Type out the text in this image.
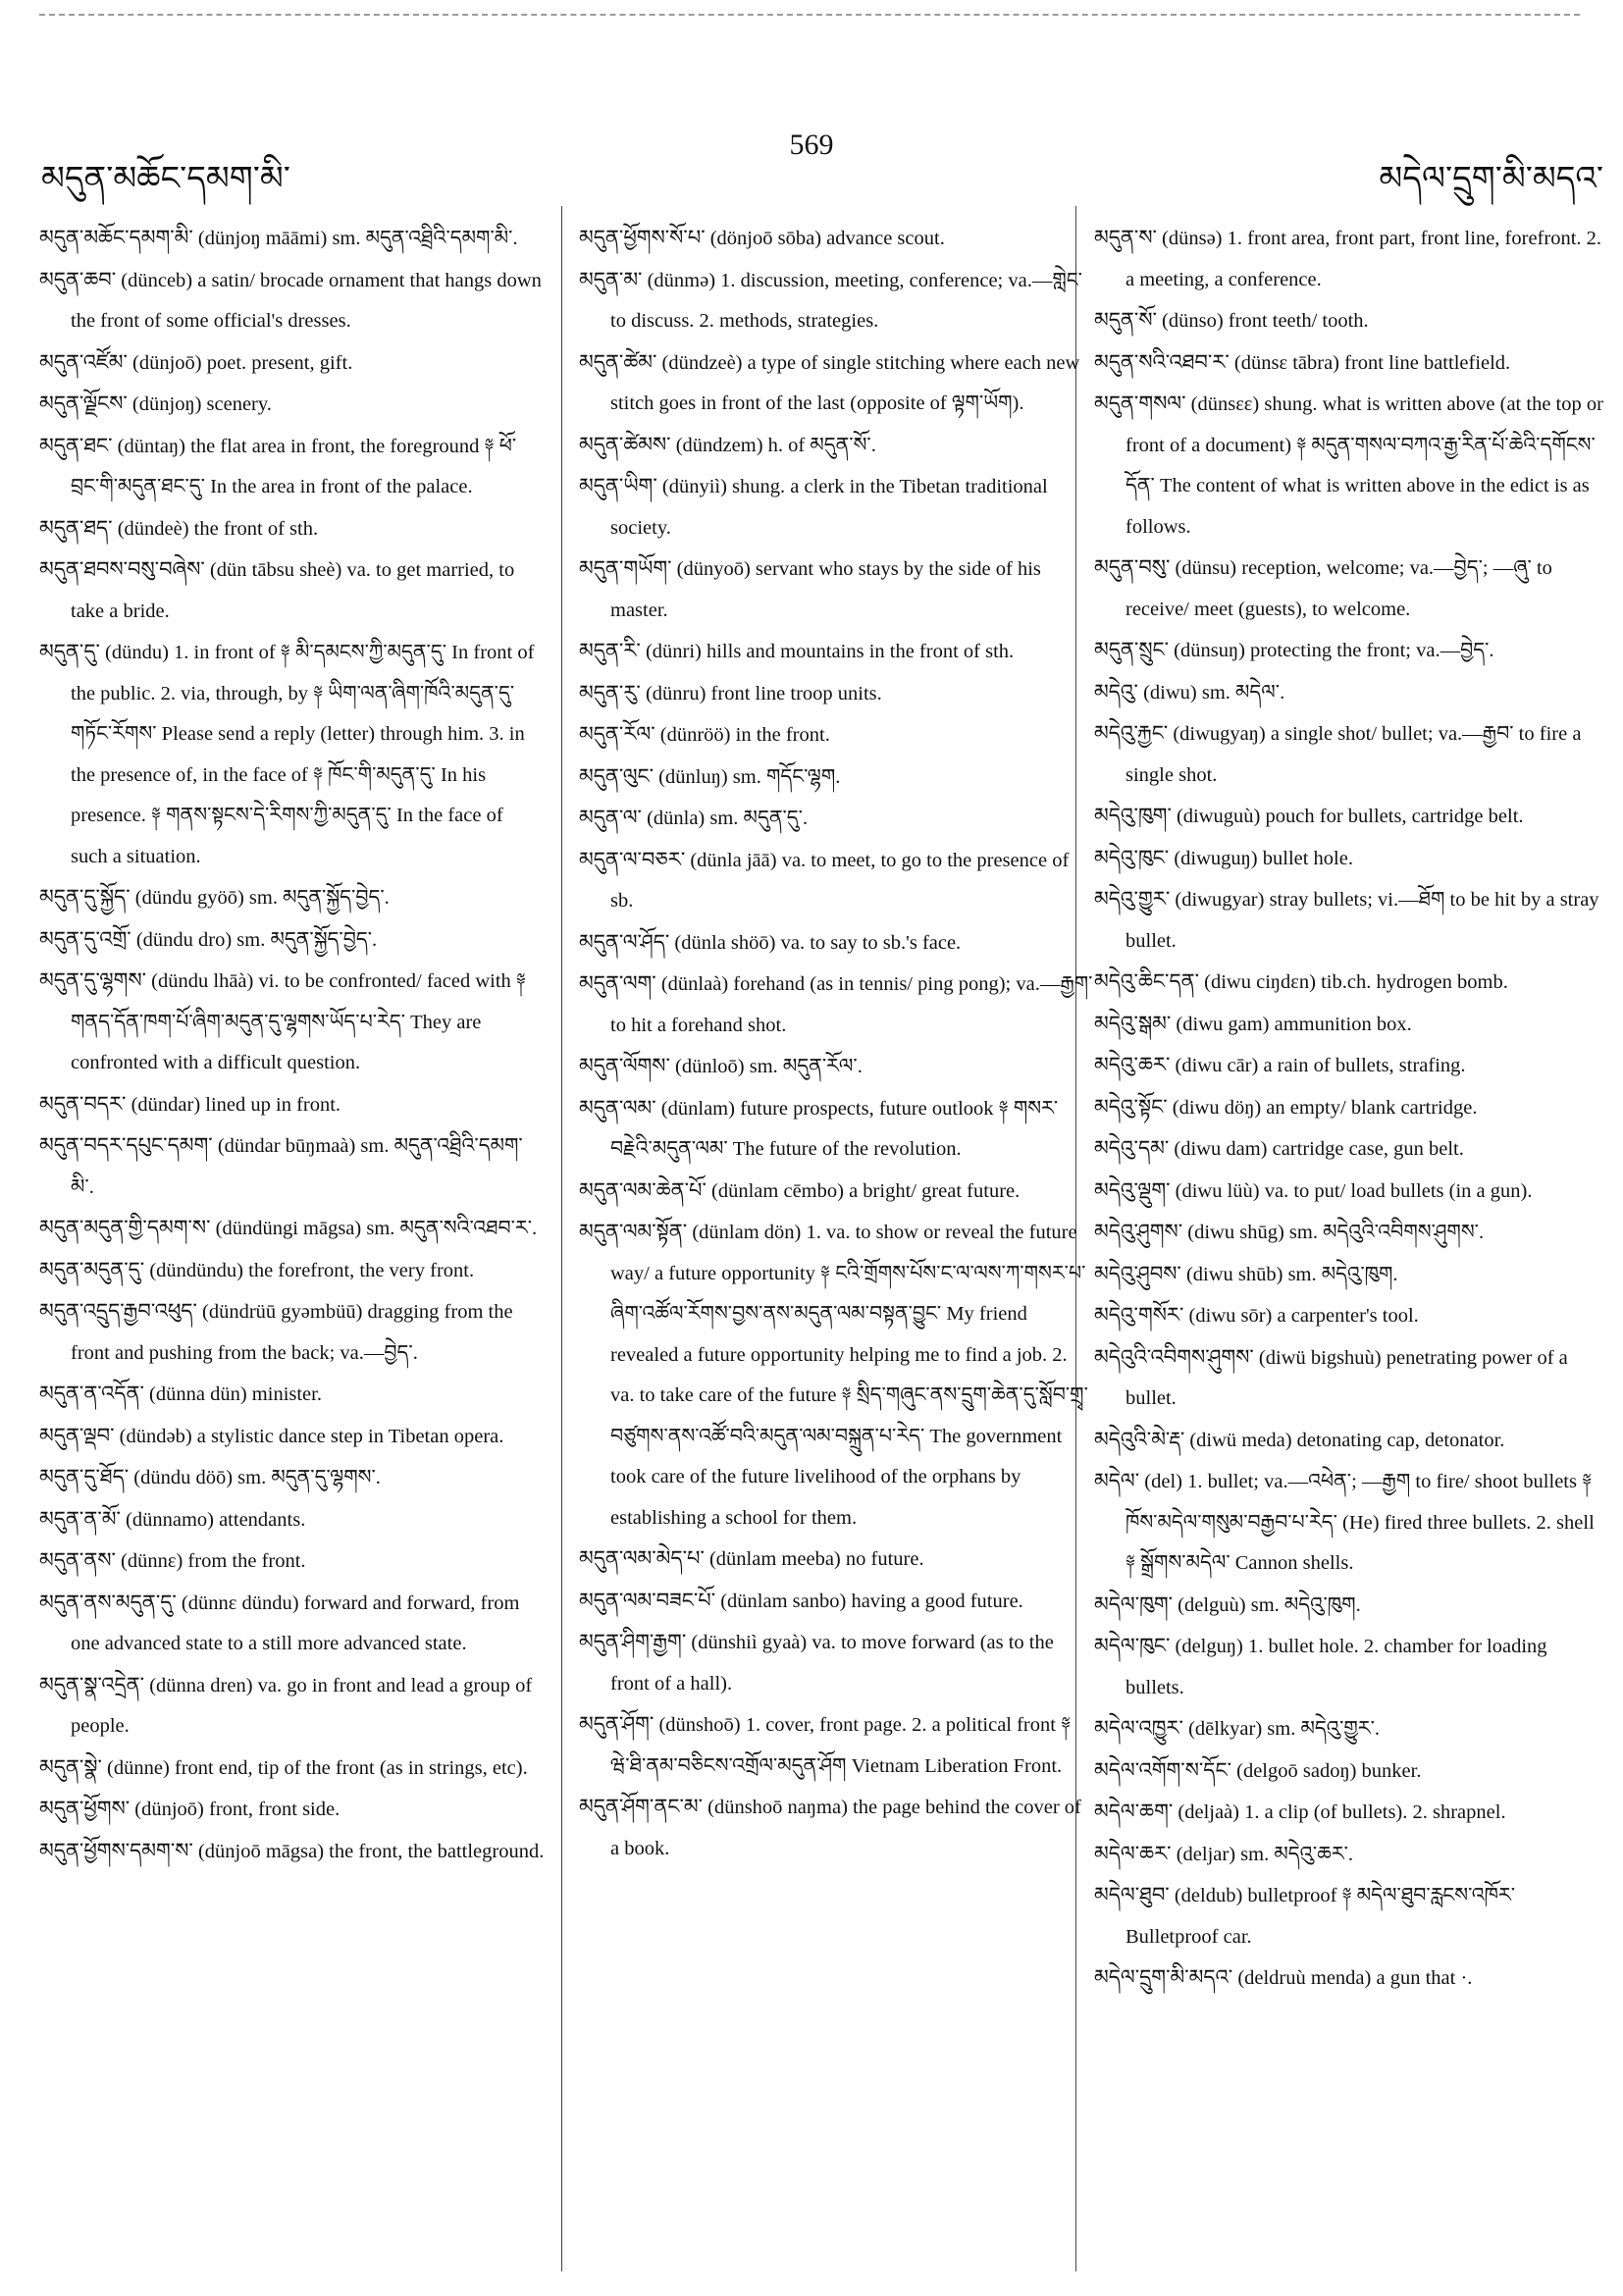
མདུན་མཆོང་དམག་མི་
569
མདེལ་དྲུག་མི་མདའ་

མདུན་མཆོང་དམག་མི་ (dünjoŋ māāmi) sm. མདུན་འཐྲིའི་དམག་མི་.

མདུན་ཆབ་ (dünceb) a satin/ brocade ornament that hangs down the front of some official's dresses.

མདུན་འཛོམ་ (dünjoō) poet. present, gift.

མདུན་ལྗོངས་ (dünjoŋ) scenery.

མདུན་ཐང་ (düntaŋ) the flat area in front, the foreground ༈ ཕོ་བྲང་གི་མདུན་ཐང་དུ་ In the area in front of the palace.

མདུན་ཐད་ (dündeè) the front of sth.

མདུན་ཐབས་བསུ་བཞེས་ (dün tābsu sheè) va. to get married, to take a bride.

མདུན་དུ་ (dündu) 1. in front of ༈ མི་དམངས་ཀྱི་མདུན་དུ་ In front of the public. 2. via, through, by ༈ ཡིག་ལན་ཞིག་ཁོའི་མདུན་དུ་གཏོང་རོགས་ Please send a reply (letter) through him. 3. in the presence of, in the face of ༈ ཁོང་གི་མདུན་དུ་ In his presence. ༈ གནས་སྟངས་དེ་རིགས་ཀྱི་མདུན་དུ་ In the face of such a situation.

མདུན་དུ་སྐྱོད་ (dündu gyöō) sm. མདུན་སྐྱོད་བྱེད་.

མདུན་དུ་འགྲོ་ (dündu dro) sm. མདུན་སྐྱོད་བྱེད་.

མདུན་དུ་ལྷགས་ (dündu lhāà) vi. to be confronted/ faced with ༈ གནད་དོན་ཁག་པོ་ཞིག་མདུན་དུ་ལྷགས་ཡོད་པ་རེད་ They are confronted with a difficult question.

མདུན་བདར་ (dündar) lined up in front.

མདུན་བདར་དཔུང་དམག་ (dündar būŋmaà) sm. མདུན་འཐྲིའི་དམག་མི་.

མདུན་མདུན་གྱི་དམག་ས་ (dündüngi māgsa) sm. མདུན་སའི་འཐབ་ར་.

མདུན་མདུན་དུ་ (dündündu) the forefront, the very front.

མདུན་འདྲུད་རྒྱབ་འཕུད་ (dündrüū gyəmbüū) dragging from the front and pushing from the back; va.—བྱེད་.

མདུན་ན་འདོན་ (dünna dün) minister.

མདུན་ལྡབ་ (dündəb) a stylistic dance step in Tibetan opera.

མདུན་དུ་ཐོད་ (dündu döō) sm. མདུན་དུ་ལྷགས་.

མདུན་ན་མོ་ (dünnamo) attendants.

མདུན་ནས་ (dünnɛ) from the front.

མདུན་ནས་མདུན་དུ་ (dünnɛ dündu) forward and forward, from one advanced state to a still more advanced state.

མདུན་སྣ་འདྲེན་ (dünna dren) va. go in front and lead a group of people.

མདུན་སྣེ་ (dünne) front end, tip of the front (as in strings, etc).

མདུན་ཕྱོགས་ (dünjoō) front, front side.

མདུན་ཕྱོགས་དམག་ས་ (dünjoō māgsa) the front, the battleground.

མདུན་ཕྱོགས་སོ་པ་ (dönjoō sōba) advance scout.

མདུན་མ་ (dünmə) 1. discussion, meeting, conference; va.—གླེང་ to discuss. 2. methods, strategies.

མདུན་ཚེམ་ (dündzeè) a type of single stitching where each new stitch goes in front of the last (opposite of ལྟག་ཡོག).

མདུན་ཚེམས་ (dündzem) h. of མདུན་སོ་.

མདུན་ཡིག་ (dünyiì) shung. a clerk in the Tibetan traditional society.

མདུན་གཡོག་ (dünyoō) servant who stays by the side of his master.

མདུན་རི་ (dünri) hills and mountains in the front of sth.

མདུན་རུ་ (dünru) front line troop units.

མདུན་རོལ་ (dünröö) in the front.

མདུན་ལུང་ (dünluŋ) sm. གདོང་ལྷག.

མདུན་ལ་ (dünla) sm. མདུན་དུ་.

མདུན་ལ་བཅར་ (dünla jāā) va. to meet, to go to the presence of sb.

མདུན་ལ་ཤོད་ (dünla shöō) va. to say to sb.'s face.

མདུན་ལག་ (dünlaà) forehand (as in tennis/ ping pong); va.—རྒྱག་ to hit a forehand shot.

མདུན་ལོགས་ (dünloō) sm. མདུན་རོལ་.

མདུན་ལམ་ (dünlam) future prospects, future outlook ༈ གསར་བརྗེའི་མདུན་ལམ་ The future of the revolution.

མདུན་ལམ་ཆེན་པོ་ (dünlam cēmbo) a bright/ great future.

མདུན་ལམ་སྟོན་ (dünlam dön) 1. va. to show or reveal the future way/ a future opportunity ༈ ངའི་གྲོགས་པོས་ང་ལ་ལས་ཀ་གསར་པ་ཞིག་འཚོལ་རོགས་བྱས་ནས་མདུན་ལམ་བསྟན་བྱུང་ My friend revealed a future opportunity helping me to find a job. 2. va. to take care of the future ༈ སྲིད་གཞུང་ནས་དྲུག་ཆེན་དུ་སློབ་གྲྭ་བཙུགས་ནས་འཚོ་བའི་མདུན་ལམ་བསྐྲུན་པ་རེད་ The government took care of the future livelihood of the orphans by establishing a school for them.

མདུན་ལམ་མེད་པ་ (dünlam meeba) no future.

མདུན་ལམ་བཟང་པོ་ (dünlam sanbo) having a good future.

མདུན་ཤིག་རྒྱག་ (dünshiì gyaà) va. to move forward (as to the front of a hall).

མདུན་ཤོག་ (dünshoō) 1. cover, front page. 2. a political front ༈ ཝེ་ཐི་ནམ་བཅིངས་འགྲོལ་མདུན་ཤོག Vietnam Liberation Front.

མདུན་ཤོག་ནང་མ་ (dünshoō naŋma) the page behind the cover of a book.

མདུན་ས་ (dünsə) 1. front area, front part, front line, forefront. 2. a meeting, a conference.

མདུན་སོ་ (dünso) front teeth/ tooth.

མདུན་སའི་འཐབ་ར་ (dünsɛ tābra) front line battlefield.

མདུན་གསལ་ (dünsɛɛ) shung. what is written above (at the top or front of a document) ༈ མདུན་གསལ་བཀའ་རྒྱ་རིན་པོ་ཆེའི་དགོངས་དོན་ The content of what is written above in the edict is as follows.

མདུན་བསུ་ (dünsu) reception, welcome; va.—བྱེད་; —ཞུ་ to receive/ meet (guests), to welcome.

མདུན་སྲུང་ (dünsuŋ) protecting the front; va.—བྱེད་.

མདེའུ་ (diwu) sm. མདེལ་.

མདེའུ་རྐྱང་ (diwugyaŋ) a single shot/ bullet; va.—རྒྱབ་ to fire a single shot.

མདེའུ་ཁུག་ (diwuguù) pouch for bullets, cartridge belt.

མདེའུ་ཁུང་ (diwuguŋ) bullet hole.

མདེའུ་གྱུར་ (diwugyar) stray bullets; vi.—ཐོག to be hit by a stray bullet.

མདེའུ་ཆིང་དན་ (diwu ciŋdɛn) tib.ch. hydrogen bomb.

མདེའུ་སྒམ་ (diwu gam) ammunition box.

མདེའུ་ཆར་ (diwu cār) a rain of bullets, strafing.

མདེའུ་སྟོང་ (diwu döŋ) an empty/ blank cartridge.

མདེའུ་དམ་ (diwu dam) cartridge case, gun belt.

མདེའུ་ལྡུག་ (diwu lüù) va. to put/ load bullets (in a gun).

མདེའུ་ཤུགས་ (diwu shūg) sm. མདེའུའི་འབིགས་ཤུགས་.

མདེའུ་ཤུབས་ (diwu shūb) sm. མདེའུ་ཁུག.

མདེའུ་གསོར་ (diwu sōr) a carpenter's tool.

མདེའུའི་འབིགས་ཤུགས་ (diwü bigshuù) penetrating power of a bullet.

མདེའུའི་མེ་རྡ་ (diwü meda) detonating cap, detonator.

མདེལ་ (del) 1. bullet; va.—འཕེན་; —རྒྱག to fire/ shoot bullets ༈ ཁོས་མདེལ་གསུམ་བརྒྱབ་པ་རེད་ (He) fired three bullets. 2. shell ༈ སྒྲོགས་མདེལ་ Cannon shells.

མདེལ་ཁུག་ (delguù) sm. མདེའུ་ཁུག.

མདེལ་ཁུང་ (delguŋ) 1. bullet hole. 2. chamber for loading bullets.

མདེལ་འཁྱུར་ (dēlkyar) sm. མདེའུ་གྱུར་.

མདེལ་འགོག་ས་དོང་ (delgoō sadoŋ) bunker.

མདེལ་ཆག་ (deljaà) 1. a clip (of bullets). 2. shrapnel.

མདེལ་ཆར་ (deljar) sm. མདེའུ་ཆར་.

མདེལ་ཐུབ་ (deldub) bulletproof ༈ མདེལ་ཐུབ་རླངས་འཁོར་ Bulletproof car.

མདེལ་དྲུག་མི་མདའ་ (deldruù menda) a gun that ·.
